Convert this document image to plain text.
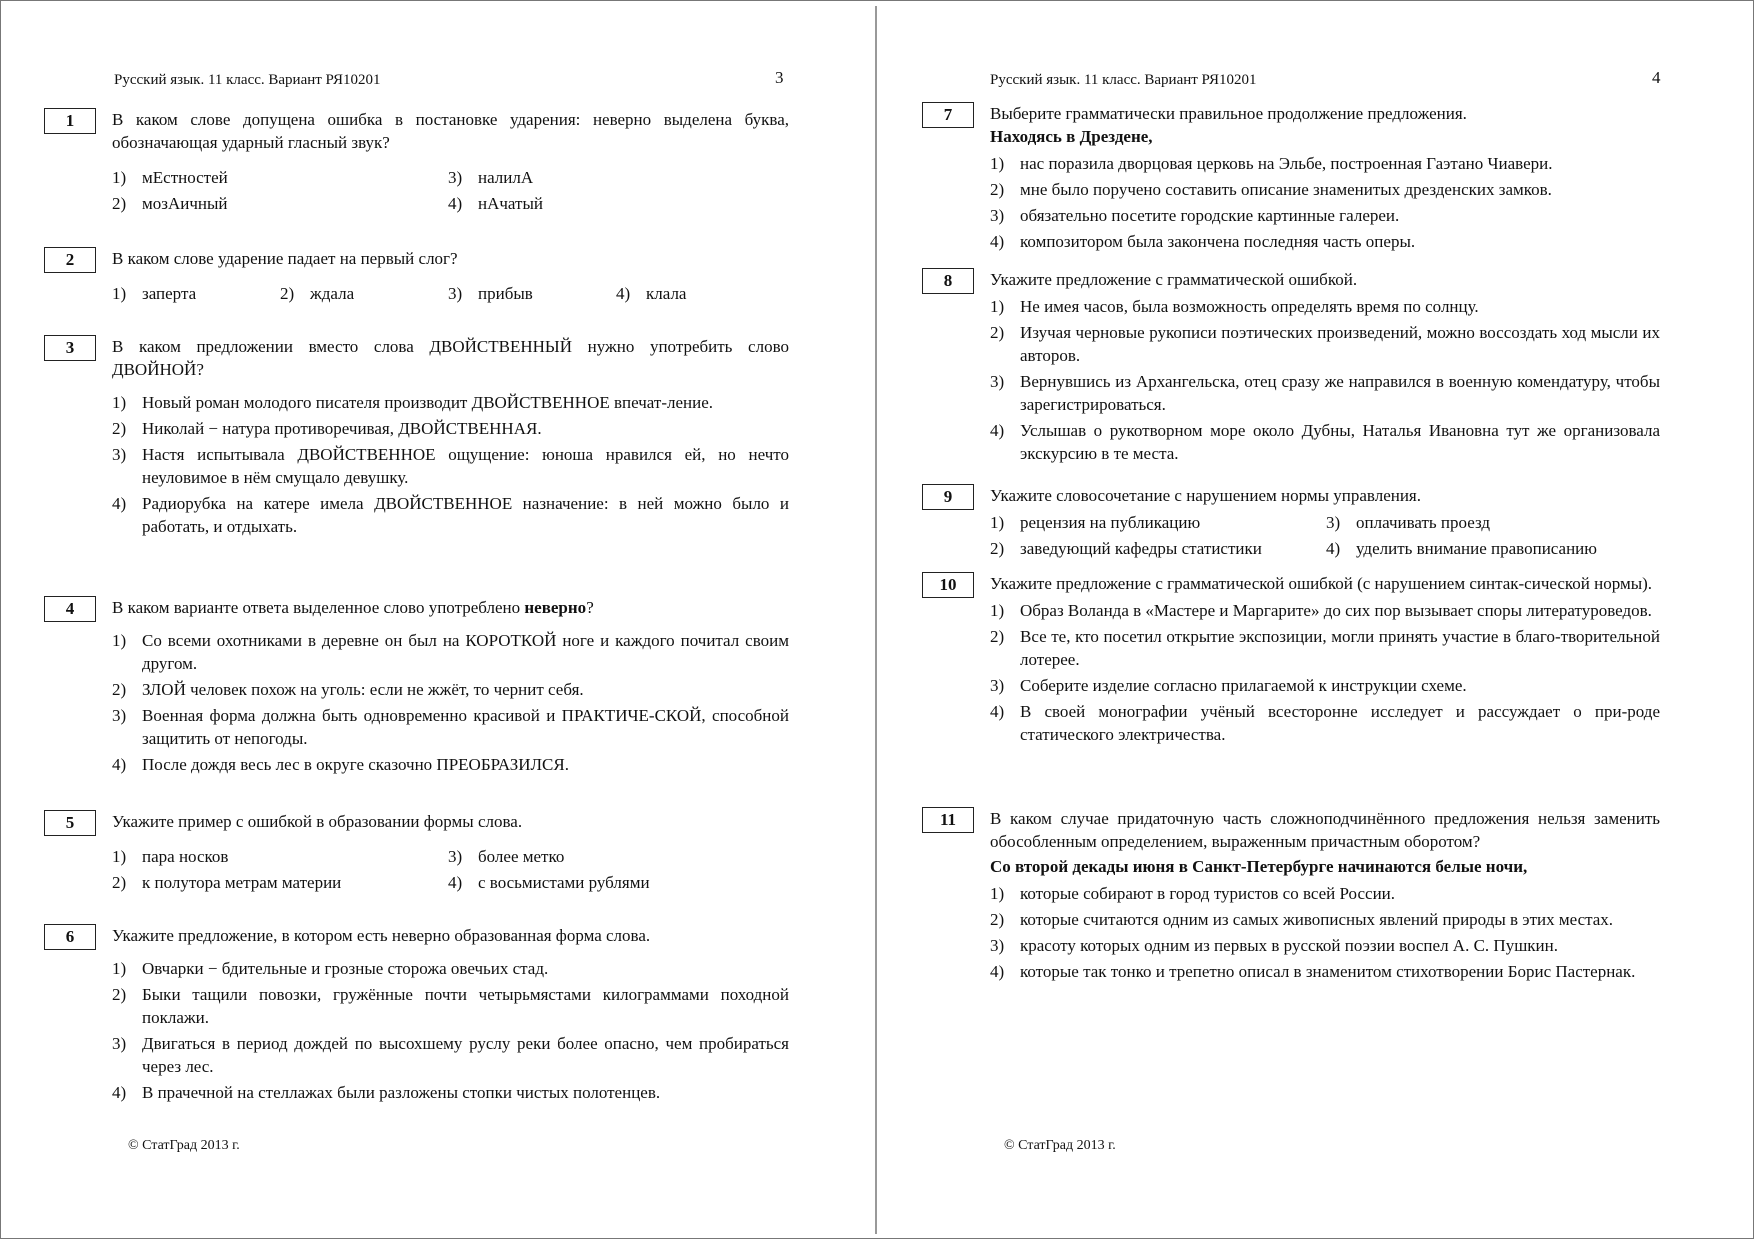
Русский язык. 11 класс. Вариант РЯ10201	3
1	В каком слове допущена ошибка в постановке ударения: неверно выделена буква, обозначающая ударный гласный звук?
1) мЕстностей	3) налилА
2) мозАичный	4) нАчатый
2	В каком слове ударение падает на первый слог?
1) заперта	2) ждала	3) прибыв	4) клала
3	В каком предложении вместо слова ДВОЙСТВЕННЫЙ нужно употребить слово ДВОЙНОЙ?
1) Новый роман молодого писателя производит ДВОЙСТВЕННОЕ впечат-ление.
2) Николай − натура противоречивая, ДВОЙСТВЕННАЯ.
3) Настя испытывала ДВОЙСТВЕННОЕ ощущение: юноша нравился ей, но нечто неуловимое в нём смущало девушку.
4) Радиорубка на катере имела ДВОЙСТВЕННОЕ назначение: в ней можно было и работать, и отдыхать.
4	В каком варианте ответа выделенное слово употреблено неверно?
1) Со всеми охотниками в деревне он был на КОРОТКОЙ ноге и каждого почитал своим другом.
2) ЗЛОЙ человек похож на уголь: если не жжёт, то чернит себя.
3) Военная форма должна быть одновременно красивой и ПРАКТИЧЕ-СКОЙ, способной защитить от непогоды.
4) После дождя весь лес в округе сказочно ПРЕОБРАЗИЛСЯ.
5	Укажите пример с ошибкой в образовании формы слова.
1) пара носков	3) более метко
2) к полутора метрам материи	4) с восьмистами рублями
6	Укажите предложение, в котором есть неверно образованная форма слова.
1) Овчарки − бдительные и грозные сторожа овечьих стад.
2) Быки тащили повозки, гружённые почти четырьмястами килограммами походной поклажи.
3) Двигаться в период дождей по высохшему руслу реки более опасно, чем пробираться через лес.
4) В прачечной на стеллажах были разложены стопки чистых полотенцев.
© СтатГрад 2013 г.
Русский язык. 11 класс. Вариант РЯ10201	4
7	Выберите грамматически правильное продолжение предложения.
Находясь в Дрездене,
1) нас поразила дворцовая церковь на Эльбе, построенная Гаэтано Чиавери.
2) мне было поручено составить описание знаменитых дрезденских замков.
3) обязательно посетите городские картинные галереи.
4) композитором была закончена последняя часть оперы.
8	Укажите предложение с грамматической ошибкой.
1) Не имея часов, была возможность определять время по солнцу.
2) Изучая черновые рукописи поэтических произведений, можно воссоздать ход мысли их авторов.
3) Вернувшись из Архангельска, отец сразу же направился в военную комендатуру, чтобы зарегистрироваться.
4) Услышав о рукотворном море около Дубны, Наталья Ивановна тут же организовала экскурсию в те места.
9	Укажите словосочетание с нарушением нормы управления.
1) рецензия на публикацию	3) оплачивать проезд
2) заведующий кафедры статистики	4) уделить внимание правописанию
10	Укажите предложение с грамматической ошибкой (с нарушением синтак-сической нормы).
1) Образ Воланда в «Мастере и Маргарите» до сих пор вызывает споры литературоведов.
2) Все те, кто посетил открытие экспозиции, могли принять участие в благо-творительной лотерее.
3) Соберите изделие согласно прилагаемой к инструкции схеме.
4) В своей монографии учёный всесторонне исследует и рассуждает о при-роде статического электричества.
11	В каком случае придаточную часть сложноподчинённого предложения нельзя заменить обособленным определением, выраженным причастным оборотом?
Со второй декады июня в Санкт-Петербурге начинаются белые ночи,
1) которые собирают в город туристов со всей России.
2) которые считаются одним из самых живописных явлений природы в этих местах.
3) красоту которых одним из первых в русской поэзии воспел А. С. Пушкин.
4) которые так тонко и трепетно описал в знаменитом стихотворении Борис Пастернак.
© СтатГрад 2013 г.
